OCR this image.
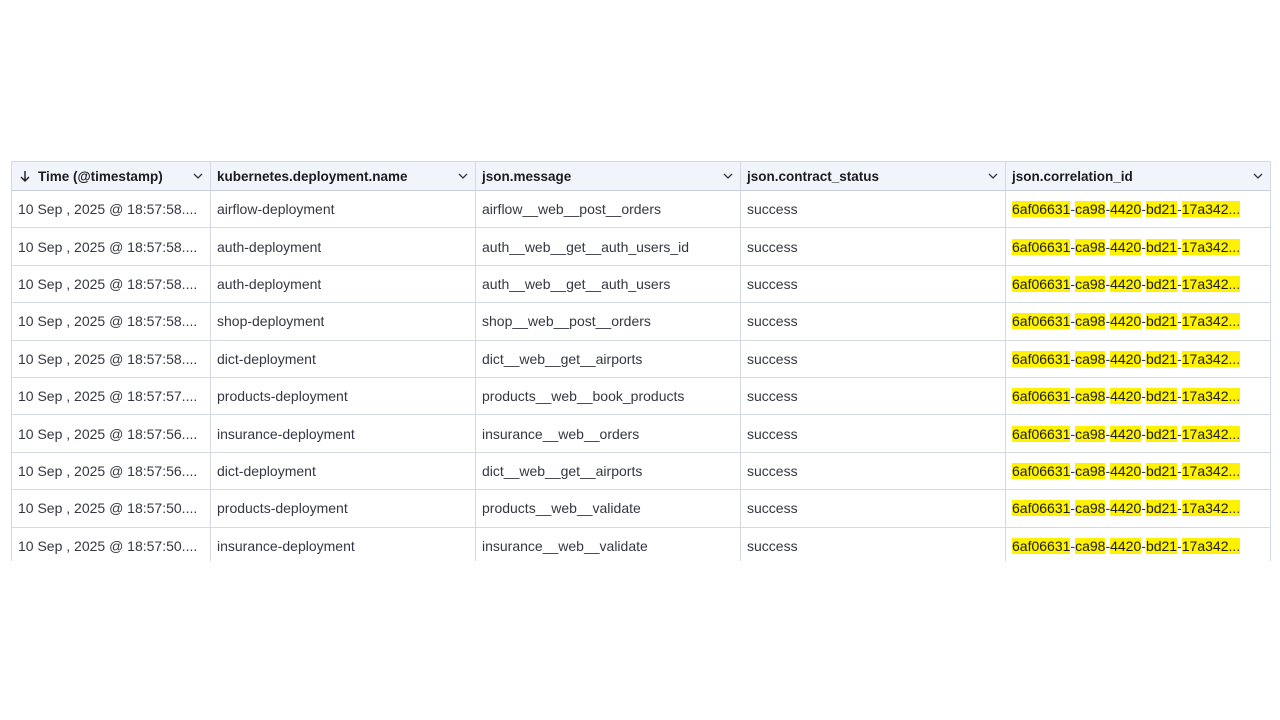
Time (@timestamp)	kubernetes.deployment.name	json.message	json.contract_status	json.correlation_id
10 Sep , 2025 @ 18:57:58.... airflow-deployment	airflow__web__post__orders	success	6af06631-ca98-4420-bd21-17a342...
10 Sep , 2025 @ 18:57:58.... auth-deployment	auth__web__get__auth_users_id	success	6af06631-ca98-4420-bd21-17a342...
10 Sep , 2025 @ 18:57:58.... auth-deployment	auth__web__get__auth_users	success	6af06631-ca98-4420-bd21-17a342...
10 Sep , 2025 @ 18:57:58.... shop-deployment	shop__web__post__orders	success	6af06631-ca98-4420-bd21-17a342...
10 Sep , 2025 @ 18:57:58.... dict-deployment	dict__web__get__airports	success	6af06631-ca98-4420-bd21-17a342...
10 Sep , 2025 @ 18:57:57.... products-deployment	products__web__book_products	success	6af06631-ca98-4420-bd21-17a342...
10 Sep , 2025 @ 18:57:56.... insurance-deployment	insurance__web__orders	success	6af06631-ca98-4420-bd21-17a342...
10 Sep , 2025 @ 18:57:56.... dict-deployment	dict__web__get__airports	success	6af06631-ca98-4420-bd21-17a342...
10 Sep , 2025 @ 18:57:50.... products-deployment	products__web__validate	success	6af06631-ca98-4420-bd21-17a342...
10 Sep , 2025 @ 18:57:50.... insurance-deployment	insurance__web__validate	success	6af06631-ca98-4420-bd21-17a342...
